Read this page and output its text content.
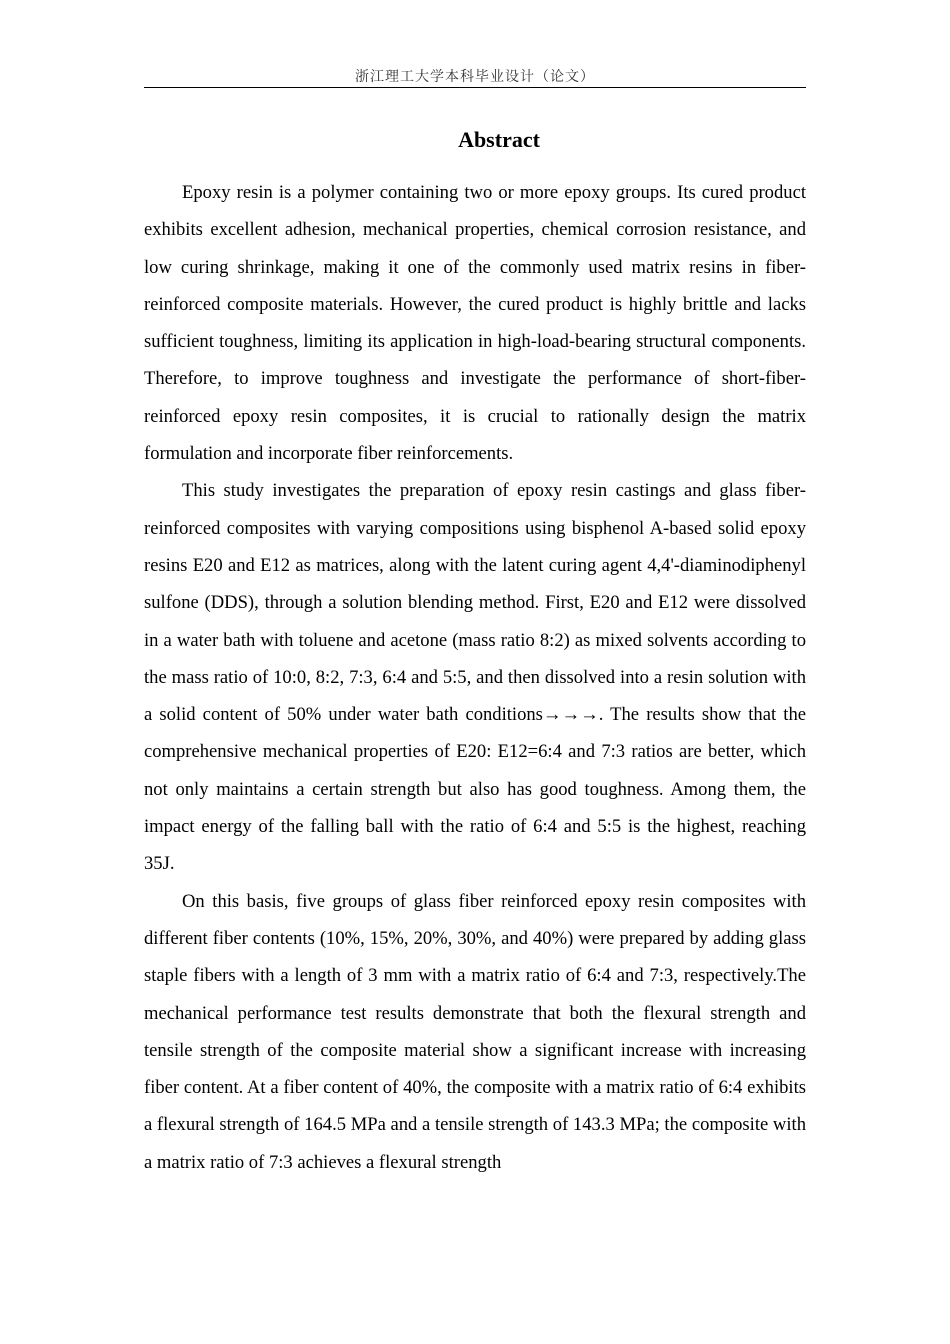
浙江理工大学本科毕业设计（论文）
Abstract

Epoxy resin is a polymer containing two or more epoxy groups. Its cured product exhibits excellent adhesion, mechanical properties, chemical corrosion resistance, and low curing shrinkage, making it one of the commonly used matrix resins in fiber-reinforced composite materials. However, the cured product is highly brittle and lacks sufficient toughness, limiting its application in high-load-bearing structural components. Therefore, to improve toughness and investigate the performance of short-fiber-reinforced epoxy resin composites, it is crucial to rationally design the matrix formulation and incorporate fiber reinforcements.

This study investigates the preparation of epoxy resin castings and glass fiber-reinforced composites with varying compositions using bisphenol A-based solid epoxy resins E20 and E12 as matrices, along with the latent curing agent 4,4'-diaminodiphenyl sulfone (DDS), through a solution blending method. First, E20 and E12 were dissolved in a water bath with toluene and acetone (mass ratio 8:2) as mixed solvents according to the mass ratio of 10:0, 8:2, 7:3, 6:4 and 5:5, and then dissolved into a resin solution with a solid content of 50% under water bath conditions→→→. The results show that the comprehensive mechanical properties of E20: E12=6:4 and 7:3 ratios are better, which not only maintains a certain strength but also has good toughness. Among them, the impact energy of the falling ball with the ratio of 6:4 and 5:5 is the highest, reaching 35J.

On this basis, five groups of glass fiber reinforced epoxy resin composites with different fiber contents (10%, 15%, 20%, 30%, and 40%) were prepared by adding glass staple fibers with a length of 3 mm with a matrix ratio of 6:4 and 7:3, respectively.The mechanical performance test results demonstrate that both the flexural strength and tensile strength of the composite material show a significant increase with increasing fiber content. At a fiber content of 40%, the composite with a matrix ratio of 6:4 exhibits a flexural strength of 164.5 MPa and a tensile strength of 143.3 MPa; the composite with a matrix ratio of 7:3 achieves a flexural strength
